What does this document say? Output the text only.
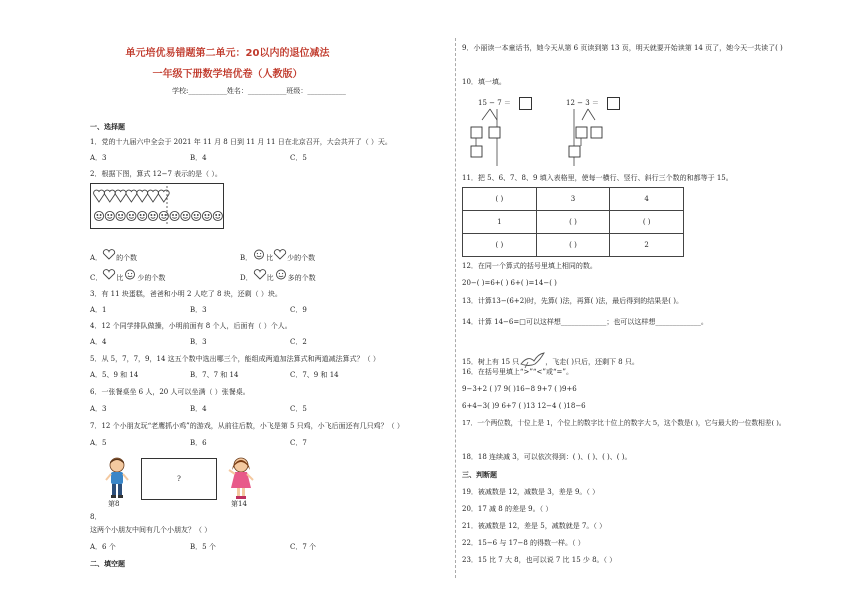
单元培优易错题第二单元：20以内的退位减法
一年级下册数学培优卷（人教版）
学校:___________姓名：___________班级：___________
一、选择题
1．党的十九届六中全会于 2021 年 11 月 8 日到 11 月 11 日在北京召开，大会共开了（ ）天。
A．3	B．4	C．5
2．根据下图，算式 12−7 表示的是（ ）。
A． 的个数	B． 比 少的个数
C． 比 少的个数	D． 比 多的个数
3．有 11 块蛋糕，爸爸和小明 2 人吃了 8 块，还剩（ ）块。
A．1	B．3	C．9
4．12 个同学排队做操，小明前面有 8 个人，后面有（ ）个人。
A．4	B．3	C．2
5．从 5，7，7，9，14 这五个数中选出哪三个，能组成两道加法算式和两道减法算式？（ ）
A．5、9 和 14	B．7、7 和 14	C．7、9 和 14
6．一张餐桌坐 6 人，20 人可以坐满（ ）张餐桌。
A．3	B．4	C．5
7．12 个小朋友玩“老鹰抓小鸡”的游戏，从前往后数，小飞是第 5 只鸡，小飞后面还有几只鸡？（ ）
A．5	B．6	C．7
第8
?
第14
8．
这两个小朋友中间有几个小朋友？（ ）
A．6 个	B．5 个	C．7 个
二、填空题
9．小丽读一本童话书，她今天从第 6 页读到第 13 页，明天就要开始读第 14 页了，她今天一共读了( )
10．填一填。
15 − 7 ＝	12 − 3 ＝
11．把 5、6、7、8、9 填入表格里，使每一横行、竖行、斜行三个数的和都等于 15。
( )	3	4
1	( )	( )
( )	( )	2
12．在同一个算式的括号里填上相同的数。
20−( )=6+( ) 6+( )=14−( )
13．计算13−(6+2)时，先算( )法，再算( )法，最后得到的结果是( )。
14．计算 14−6=□可以这样想_____________；也可以这样想_____________。
15．树上有 15 只	，飞走( )只后，还剩下 8 只。
16．在括号里填上“>”“<”或“=”。
9−3+2 ( )7 9( )16−8 9+7 ( )9+6
6+4−3( )9 6+7 ( )13 12−4 ( )18−6
17．一个两位数，十位上是 1，个位上的数字比十位上的数字大 5，这个数是( )，它与最大的一位数相差( )。
18．18 连续减 3，可以依次得到：( )、( )、( )、( )。
三、判断题
19．被减数是 12，减数是 3，差是 9。（ ）
20．17 减 8 的差是 9。（ ）
21．被减数是 12，差是 5，减数就是 7。（ ）
22．15−6 与 17−8 的得数一样。（ ）
23．15 比 7 大 8，也可以说 7 比 15 少 8。（ ）
